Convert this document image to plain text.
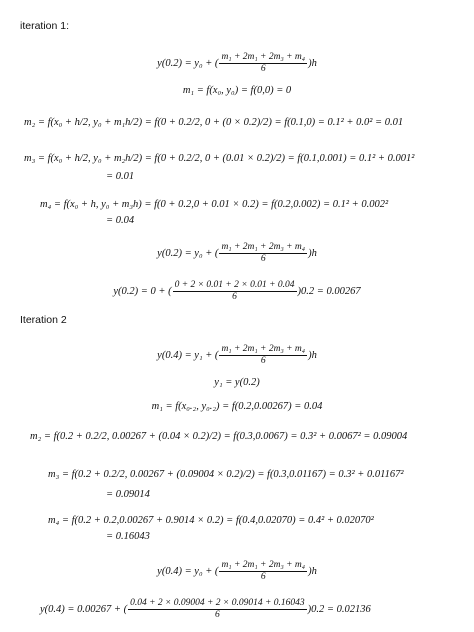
iteration 1:
y(0.2) = y₀ + ( $\frac{\text{m₁ + 2m₁ + 2m₃ + m₄}}{6} )h$
m₁ = f(x₀, y₀) = f(0,0) = 0
m₂ = f(x₀ + h/2, y₀ + m₁h/2) = f(0 + 0.2/2, 0 + (0 × 0.2)/2) = f(0.1,0) = 0.1² + 0.0² = 0.01
m₃ = f(x₀ + h/2, y₀ + m₂h/2) = f(0 + 0.2/2, 0 + (0.01 × 0.2)/2) = f(0.1,0.001) = 0.1² + 0.001²
= 0.01
m₄ = f(x₀ + h, y₀ + m₃h) = f(0 + 0.2,0 + 0.01 × 0.2) = f(0.2,0.002) = 0.1² + 0.002²
= 0.04
y(0.2) = y₀ + ( $\frac{\text{m₁ + 2m₁ + 2m₃ + m₄}}{6} )h$
y(0.2) = 0 + ( $\frac{0 + 2 \times 0.01 + 2 \times 0.01 + 0.04}{6} )0.2 = 0.00267$
Iteration 2
y(0.4) = y₁ + ( $\frac{\text{m₁ + 2m₁ + 2m₃ + m₄}}{6} )h$
y₁ = y(0.2)
m₁ = f(x₀.₂, y₀.₂) = f(0.2,0.00267) = 0.04
m₂ = f(0.2 + 0.2/2, 0.00267 + (0.04 × 0.2)/2) = f(0.3,0.0067) = 0.3² + 0.0067² = 0.09004
m₃ = f(0.2 + 0.2/2, 0.00267 + (0.09004 × 0.2)/2) = f(0.3,0.01167) = 0.3² + 0.01167²
= 0.09014
m₄ = f(0.2 + 0.2,0.00267 + 0.9014 × 0.2) = f(0.4,0.02070) = 0.4² + 0.02070²
= 0.16043
y(0.4) = y₀ + ( $\frac{\text{m₁ + 2m₁ + 2m₃ + m₄}}{6} )h$
y(0.4) = 0.00267 + ( $\frac{0.04 + 2 \times 0.09004 + 2 \times 0.09014 + 0.16043}{6} )0.2 = 0.02136$
